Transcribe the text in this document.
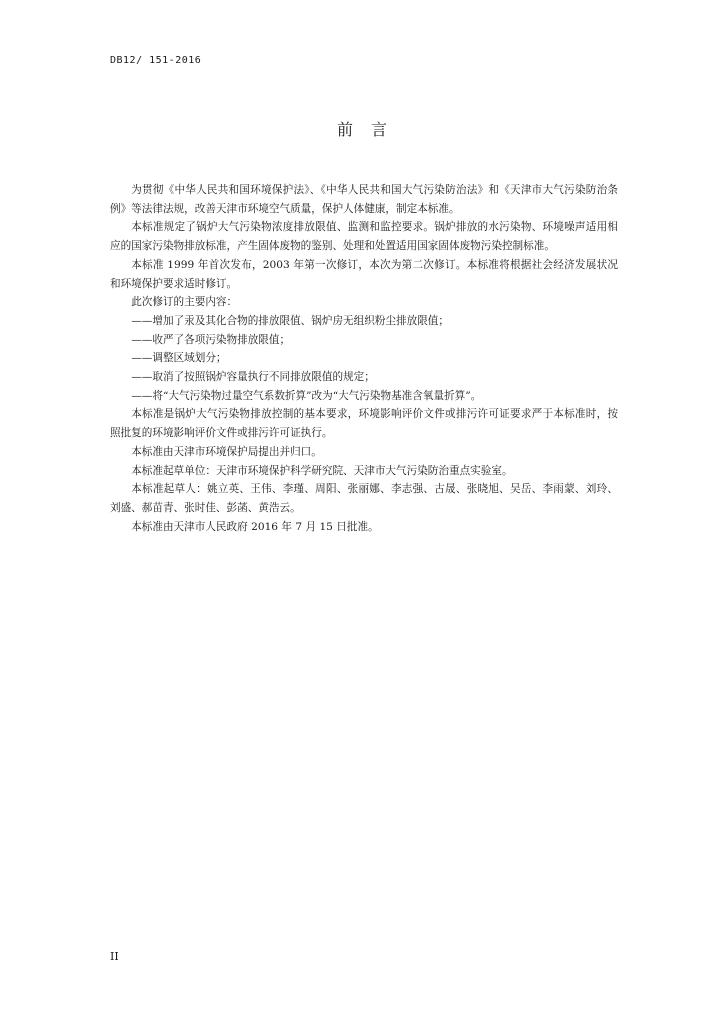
DB12/ 151-2016
前言

为贯彻《中华人民共和国环境保护法》、《中华人民共和国大气污染防治法》和《天津市大气污染防治条例》等法律法规，改善天津市环境空气质量，保护人体健康，制定本标准。

本标准规定了锅炉大气污染物浓度排放限值、监测和监控要求。锅炉排放的水污染物、环境噪声适用相应的国家污染物排放标准，产生固体废物的鉴别、处理和处置适用国家固体废物污染控制标准。

本标准 1999 年首次发布，2003 年第一次修订，本次为第二次修订。本标准将根据社会经济发展状况和环境保护要求适时修订。

此次修订的主要内容：

——增加了汞及其化合物的排放限值、锅炉房无组织粉尘排放限值；

——收严了各项污染物排放限值；

——调整区域划分；

——取消了按照锅炉容量执行不同排放限值的规定；

——将“大气污染物过量空气系数折算”改为“大气污染物基准含氧量折算”。

本标准是锅炉大气污染物排放控制的基本要求，环境影响评价文件或排污许可证要求严于本标准时，按照批复的环境影响评价文件或排污许可证执行。

本标准由天津市环境保护局提出并归口。

本标准起草单位：天津市环境保护科学研究院、天津市大气污染防治重点实验室。

本标准起草人：姚立英、王伟、李瑾、周阳、张丽娜、李志强、古晟、张晓旭、吴岳、李雨蒙、刘玲、刘盛、郝苗青、张时佳、彭菡、黄浩云。

本标准由天津市人民政府 2016 年 7 月 15 日批准。

II
